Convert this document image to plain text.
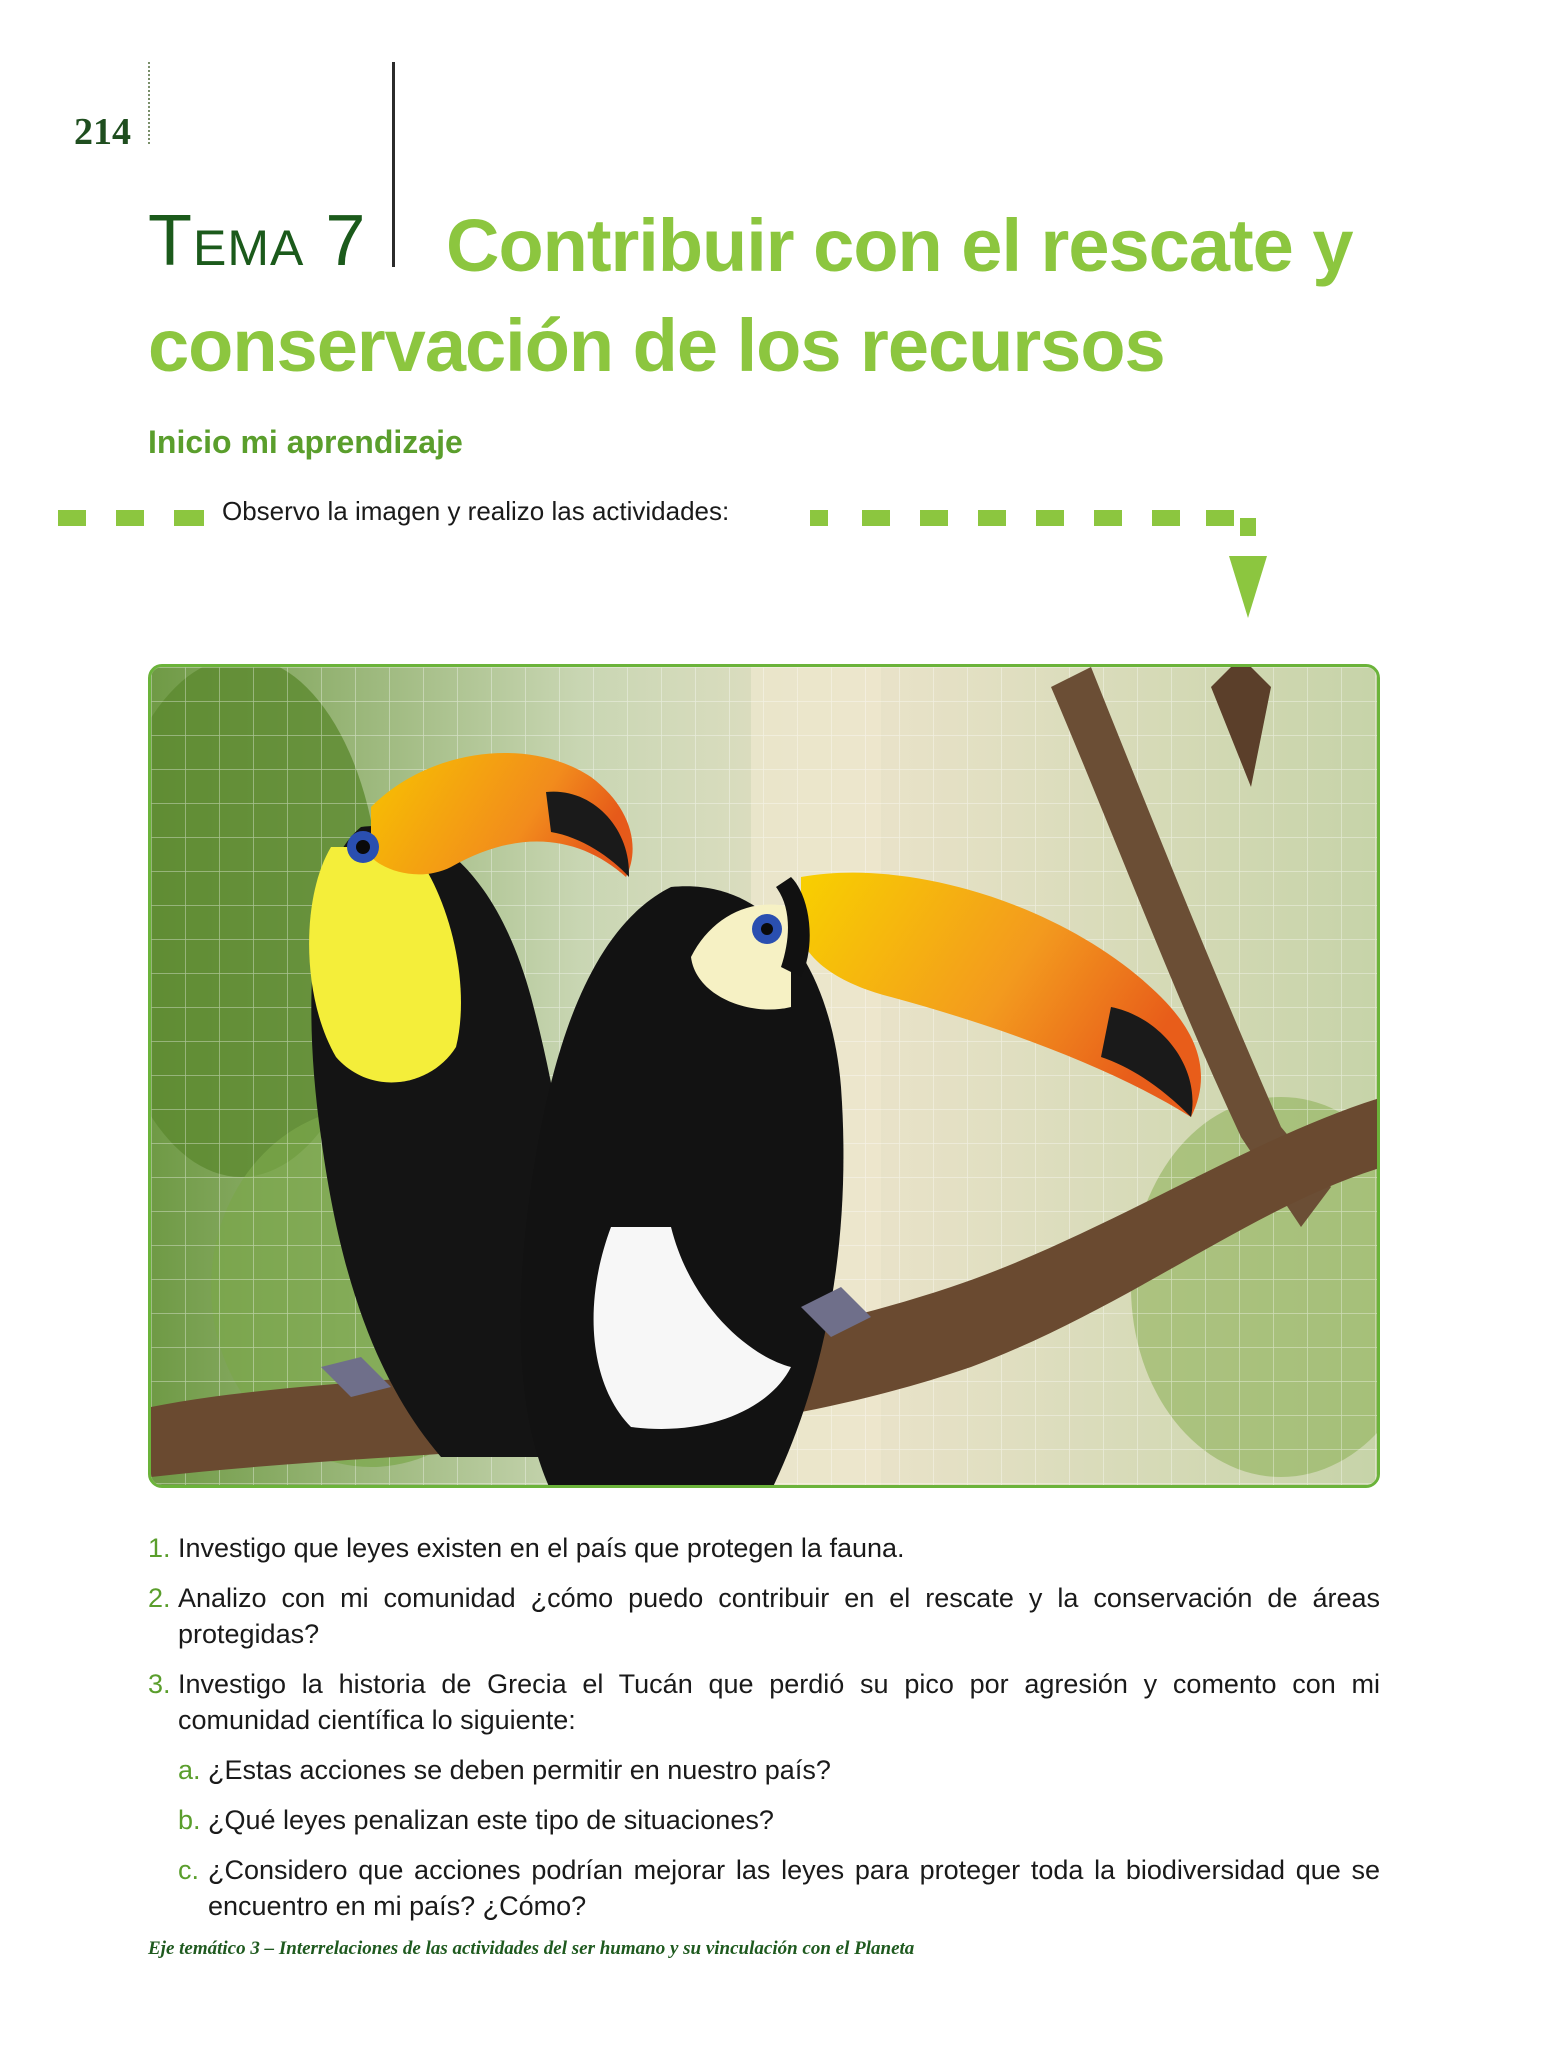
214
TEMA 7	Contribuir con el rescate y conservación de los recursos
Inicio mi aprendizaje
Observo la imagen y realizo las actividades:
1. Investigo que leyes existen en el país que protegen la fauna.
2. Analizo con mi comunidad ¿cómo puedo contribuir en el rescate y la conservación de áreas protegidas?
3. Investigo la historia de Grecia el Tucán que perdió su pico por agresión y comento con mi comunidad científica lo siguiente:
a. ¿Estas acciones se deben permitir en nuestro país?
b. ¿Qué leyes penalizan este tipo de situaciones?
c. ¿Considero que acciones podrían mejorar las leyes para proteger toda la biodiversidad que se encuentro en mi país? ¿Cómo?
Eje temático 3 – Interrelaciones de las actividades del ser humano y su vinculación con el Planeta
